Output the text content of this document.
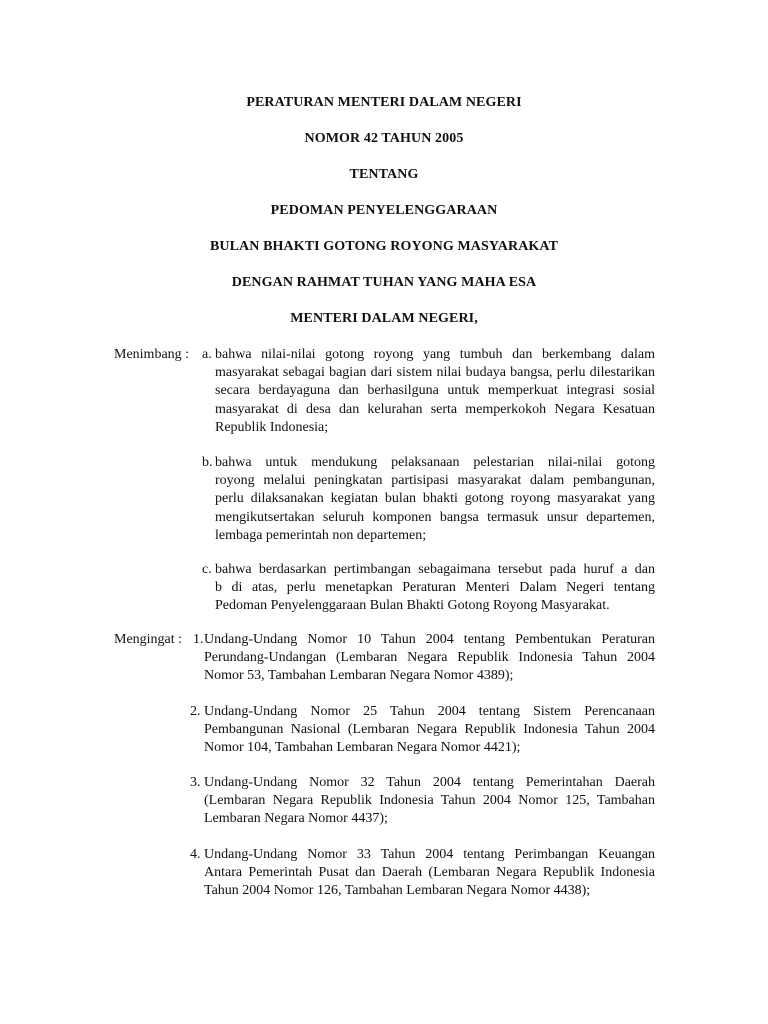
PERATURAN MENTERI DALAM NEGERI
NOMOR 42 TAHUN 2005
TENTANG
PEDOMAN PENYELENGGARAAN
BULAN BHAKTI GOTONG ROYONG MASYARAKAT
DENGAN RAHMAT TUHAN YANG MAHA ESA
MENTERI DALAM NEGERI,
Menimbang : a. bahwa nilai-nilai gotong royong yang tumbuh dan berkembang dalam
masyarakat sebagai bagian dari sistem nilai budaya bangsa, perlu dilestarikan secara berdayaguna dan berhasilguna untuk memperkuat integrasi sosial masyarakat di desa dan kelurahan serta memperkokoh Negara Kesatuan Republik Indonesia;
b. bahwa untuk mendukung pelaksanaan pelestarian nilai-nilai gotong
royong melalui peningkatan partisipasi masyarakat dalam pembangunan, perlu dilaksanakan kegiatan bulan bhakti gotong royong masyarakat yang mengikutsertakan seluruh komponen bangsa termasuk unsur departemen, lembaga pemerintah non departemen;
c. bahwa berdasarkan pertimbangan sebagaimana tersebut pada huruf a dan
b di atas, perlu menetapkan Peraturan Menteri Dalam Negeri tentang Pedoman Penyelenggaraan Bulan Bhakti Gotong Royong Masyarakat.
Mengingat : 1. Undang-Undang Nomor 10 Tahun 2004 tentang Pembentukan Peraturan
Perundang-Undangan (Lembaran Negara Republik Indonesia Tahun 2004 Nomor 53, Tambahan Lembaran Negara Nomor 4389);
2. Undang-Undang Nomor 25 Tahun 2004 tentang Sistem Perencanaan
Pembangunan Nasional (Lembaran Negara Republik Indonesia Tahun 2004 Nomor 104, Tambahan Lembaran Negara Nomor 4421);
3. Undang-Undang Nomor 32 Tahun 2004 tentang Pemerintahan Daerah
(Lembaran Negara Republik Indonesia Tahun 2004 Nomor 125, Tambahan Lembaran Negara Nomor 4437);
4. Undang-Undang Nomor 33 Tahun 2004 tentang Perimbangan Keuangan
Antara Pemerintah Pusat dan Daerah (Lembaran Negara Republik Indonesia Tahun 2004 Nomor 126, Tambahan Lembaran Negara Nomor 4438);
